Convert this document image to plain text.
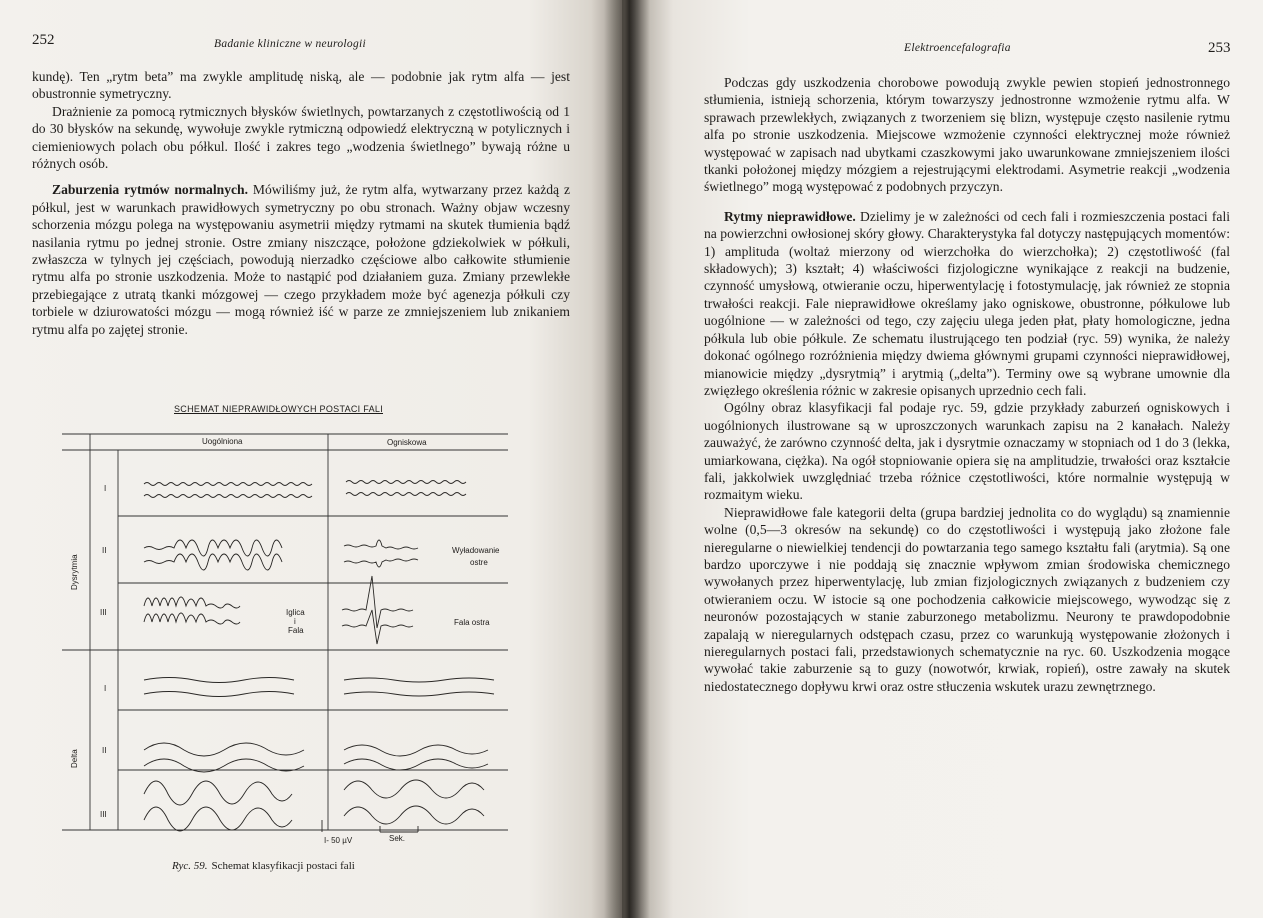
252	Badanie kliniczne w neurologii

kundę). Ten „rytm beta” ma zwykle amplitudę niską, ale — podobnie jak rytm alfa — jest obustronnie symetryczny.

Drażnienie za pomocą rytmicznych błysków świetlnych, powtarzanych z częstotliwością od 1 do 30 błysków na sekundę, wywołuje zwykle rytmiczną odpowiedź elektryczną w potylicznych i ciemieniowych polach obu półkul. Ilość i zakres tego „wodzenia świetlnego” bywają różne u różnych osób.

Zaburzenia rytmów normalnych. Mówiliśmy już, że rytm alfa, wytwarzany przez każdą z półkul, jest w warunkach prawidłowych symetryczny po obu stronach. Ważny objaw wczesny schorzenia mózgu polega na występowaniu asymetrii między rytmami na skutek tłumienia bądź nasilania rytmu po jednej stronie. Ostre zmiany niszczące, położone gdziekolwiek w półkuli, zwłaszcza w tylnych jej częściach, powodują nierzadko częściowe albo całkowite stłumienie rytmu alfa po stronie uszkodzenia. Może to nastąpić pod działaniem guza. Zmiany przewlekłe przebiegające z utratą tkanki mózgowej — czego przykładem może być agenezja półkuli czy torbiele w dziurowatości mózgu — mogą również iść w parze ze zmniejszeniem lub znikaniem rytmu alfa po zajętej stronie.

SCHEMAT NIEPRAWIDŁOWYCH POSTACI FALI
Uogólniona	Ogniskowa
Dysrytmia
Delta
I
II
III
I
II
III
Wyładowanie
ostre
Iglica
i
Fala
Fala ostra
I- 50 µV	Sek.
Ryc. 59. Schemat klasyfikacji postaci fali
Elektroencefalografia	253

Podczas gdy uszkodzenia chorobowe powodują zwykle pewien stopień jednostronnego stłumienia, istnieją schorzenia, którym towarzyszy jednostronne wzmożenie rytmu alfa. W sprawach przewlekłych, związanych z tworzeniem się blizn, występuje często nasilenie rytmu alfa po stronie uszkodzenia. Miejscowe wzmożenie czynności elektrycznej może również występować w zapisach nad ubytkami czaszkowymi jako uwarunkowane zmniejszeniem ilości tkanki położonej między mózgiem a rejestrującymi elektrodami. Asymetrie reakcji „wodzenia świetlnego” mogą występować z podobnych przyczyn.

Rytmy nieprawidłowe. Dzielimy je w zależności od cech fali i rozmieszczenia postaci fali na powierzchni owłosionej skóry głowy. Charakterystyka fal dotyczy następujących momentów: 1) amplituda (woltaż mierzony od wierzchołka do wierzchołka); 2) częstotliwość (fal składowych); 3) kształt; 4) właściwości fizjologiczne wynikające z reakcji na budzenie, czynność umysłową, otwieranie oczu, hiperwentylację i fotostymulację, jak również ze stopnia trwałości reakcji. Fale nieprawidłowe określamy jako ogniskowe, obustronne, półkulowe lub uogólnione — w zależności od tego, czy zajęciu ulega jeden płat, płaty homologiczne, jedna półkula lub obie półkule. Ze schematu ilustrującego ten podział (ryc. 59) wynika, że należy dokonać ogólnego rozróżnienia między dwiema głównymi grupami czynności nieprawidłowej, mianowicie między „dysrytmią” i arytmią („delta”). Terminy owe są wybrane umownie dla zwięzłego określenia różnic w zakresie opisanych uprzednio cech fali.

Ogólny obraz klasyfikacji fal podaje ryc. 59, gdzie przykłady zaburzeń ogniskowych i uogólnionych ilustrowane są w uproszczonych warunkach zapisu na 2 kanałach. Należy zauważyć, że zarówno czynność delta, jak i dysrytmie oznaczamy w stopniach od 1 do 3 (lekka, umiarkowana, ciężka). Na ogół stopniowanie opiera się na amplitudzie, trwałości oraz kształcie fali, jakkolwiek uwzględniać trzeba różnice częstotliwości, które normalnie występują w rozmaitym wieku.

Nieprawidłowe fale kategorii delta (grupa bardziej jednolita co do wyglądu) są znamiennie wolne (0,5—3 okresów na sekundę) co do częstotliwości i występują jako złożone fale nieregularne o niewielkiej tendencji do powtarzania tego samego kształtu fali (arytmia). Są one bardzo uporczywe i nie poddają się znacznie wpływom zmian środowiska chemicznego wywołanych przez hiperwentylację, lub zmian fizjologicznych związanych z budzeniem czy otwieraniem oczu. W istocie są one pochodzenia całkowicie miejscowego, wywodząc się z neuronów pozostających w stanie zaburzonego metabolizmu. Neurony te prawdopodobnie zapalają w nieregularnych odstępach czasu, przez co warunkują występowanie złożonych i nieregularnych postaci fali, przedstawionych schematycznie na ryc. 60. Uszkodzenia mogące wywołać takie zaburzenie są to guzy (nowotwór, krwiak, ropień), ostre zawały na skutek niedostatecznego dopływu krwi oraz ostre stłuczenia wskutek urazu zewnętrznego.
